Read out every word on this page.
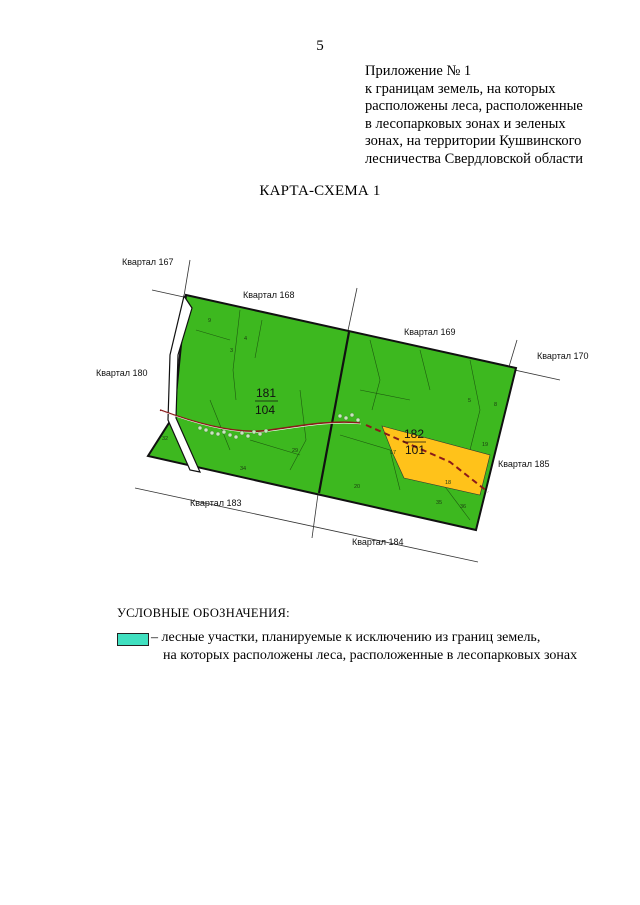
5
Приложение № 1
к границам земель, на которых
расположены леса, расположенные
в лесопарковых зонах и зеленых
зонах, на территории Кушвинского
лесничества Свердловской области
КАРТА-СХЕМА 1
181
104
182
101
18
17
19
20
29
34
32
35
36
3
4
5
8
9
Квартал 167
Квартал 168
Квартал 169
Квартал 170
Квартал 180
Квартал 183
Квартал 184
Квартал 185
УСЛОВНЫЕ ОБОЗНАЧЕНИЯ:
– лесные участки, планируемые к исключению из границ земель,
на которых расположены леса, расположенные в лесопарковых зонах
